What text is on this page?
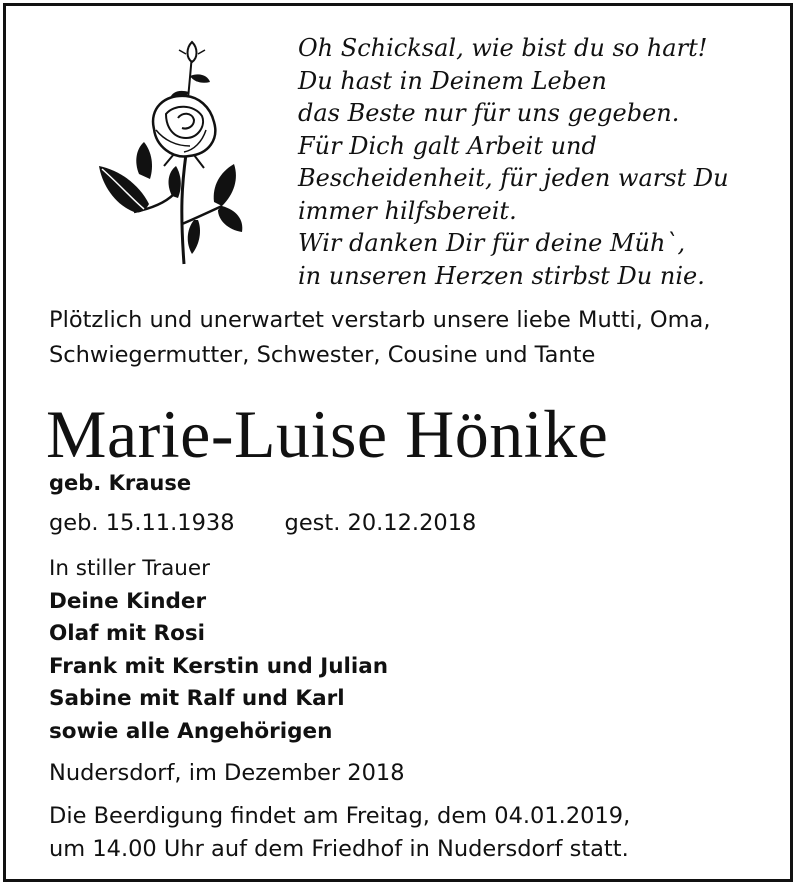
Oh Schicksal, wie bist du so hart!
Du hast in Deinem Leben
das Beste nur für uns gegeben.
Für Dich galt Arbeit und
Bescheidenheit, für jeden warst Du
immer hilfsbereit.
Wir danken Dir für deine Müh`,
in unseren Herzen stirbst Du nie.
Plötzlich und unerwartet verstarb unsere liebe Mutti, Oma,
Schwiegermutter, Schwester, Cousine und Tante
Marie-Luise Hönike
geb. Krause
geb. 15.11.1938 gest. 20.12.2018
In stiller Trauer
Deine Kinder
Olaf mit Rosi
Frank mit Kerstin und Julian
Sabine mit Ralf und Karl
sowie alle Angehörigen
Nudersdorf, im Dezember 2018
Die Beerdigung findet am Freitag, dem 04.01.2019,
um 14.00 Uhr auf dem Friedhof in Nudersdorf statt.
